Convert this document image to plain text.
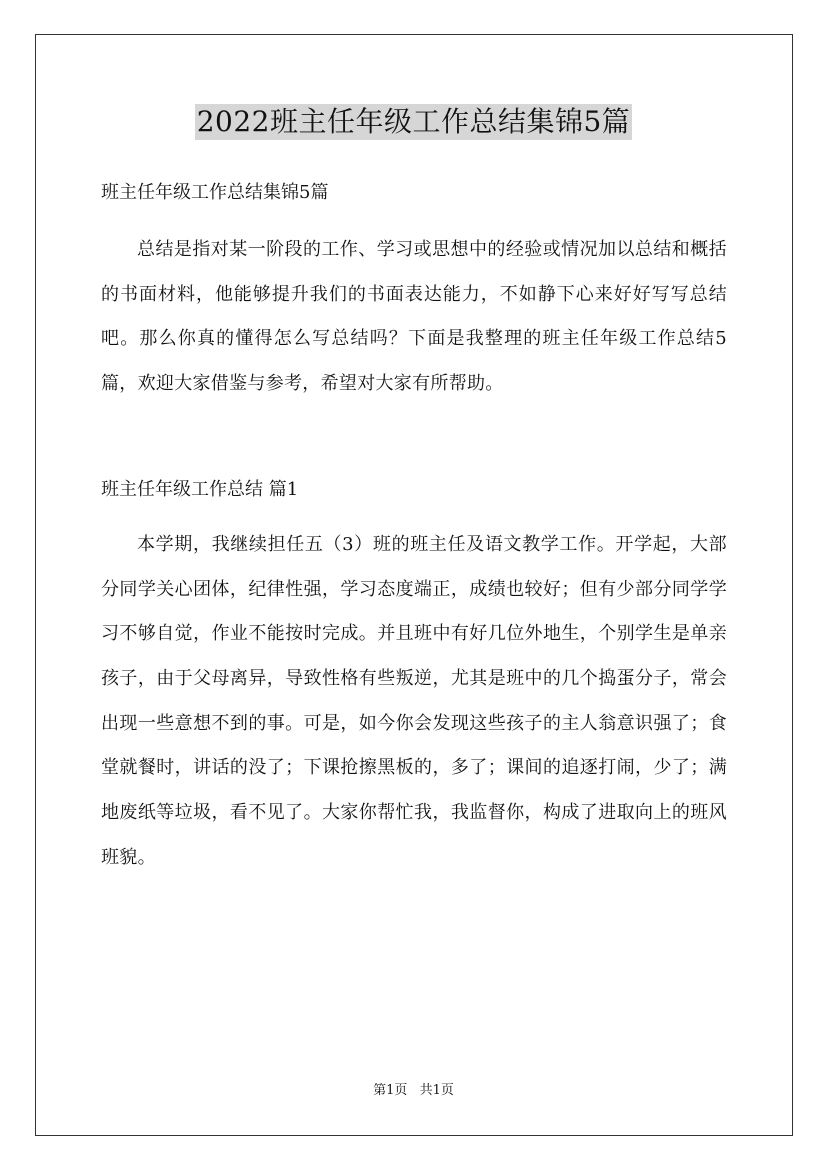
2022班主任年级工作总结集锦5篇

班主任年级工作总结集锦5篇

总结是指对某一阶段的工作、学习或思想中的经验或情况加以总结和概括的书面材料，他能够提升我们的书面表达能力，不如静下心来好好写写总结吧。那么你真的懂得怎么写总结吗？下面是我整理的班主任年级工作总结5篇，欢迎大家借鉴与参考，希望对大家有所帮助。

班主任年级工作总结 篇1

本学期，我继续担任五（3）班的班主任及语文教学工作。开学起，大部分同学关心团体，纪律性强，学习态度端正，成绩也较好；但有少部分同学学习不够自觉，作业不能按时完成。并且班中有好几位外地生，个别学生是单亲孩子，由于父母离异，导致性格有些叛逆，尤其是班中的几个捣蛋分子，常会出现一些意想不到的事。可是，如今你会发现这些孩子的主人翁意识强了；食堂就餐时，讲话的没了；下课抢擦黑板的，多了；课间的追逐打闹，少了；满地废纸等垃圾，看不见了。大家你帮忙我，我监督你，构成了进取向上的班风班貌。

第1页 共1页
